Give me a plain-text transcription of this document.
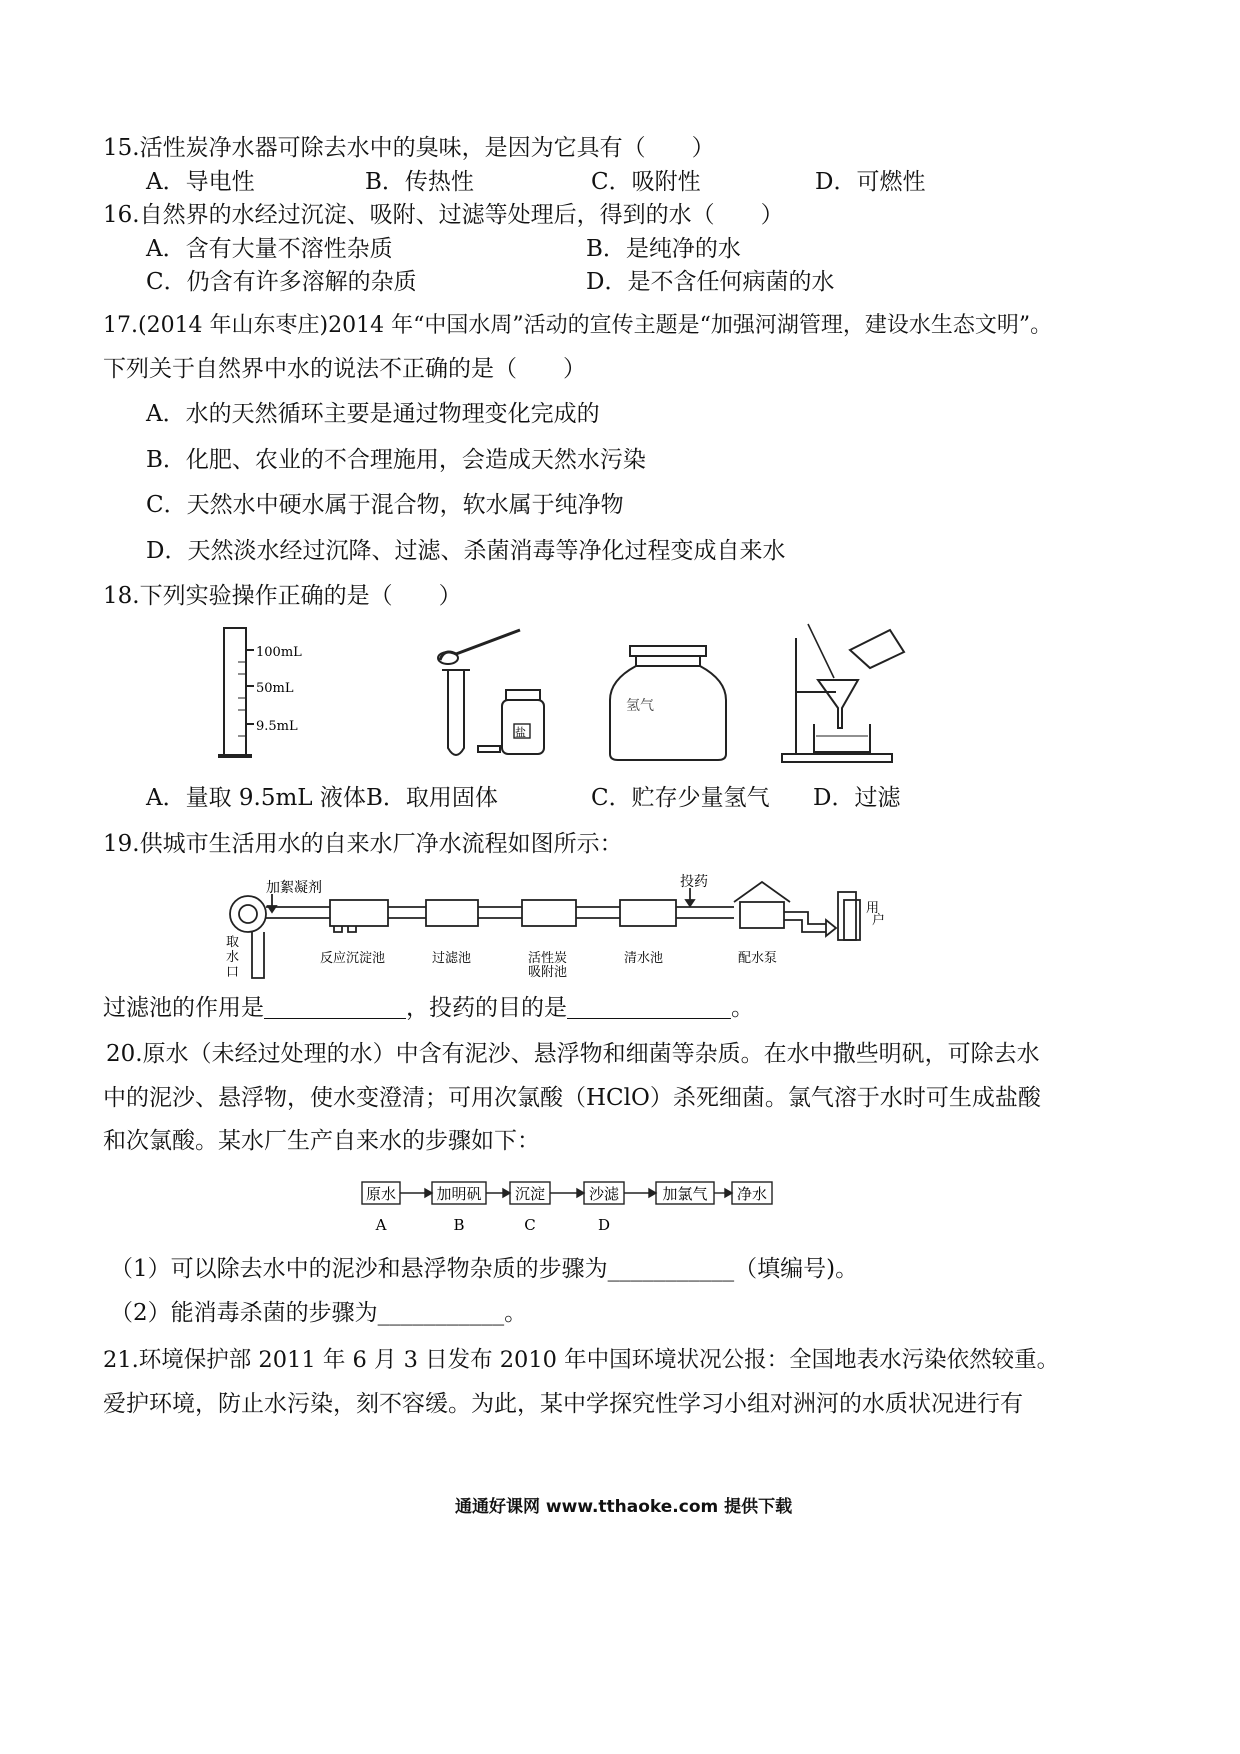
15.活性炭净水器可除去水中的臭味，是因为它具有（　　）
A．导电性	B．传热性	C．吸附性	D．可燃性
16.自然界的水经过沉淀、吸附、过滤等处理后，得到的水（　　）
A．含有大量不溶性杂质	B．是纯净的水
C．仍含有许多溶解的杂质	D．是不含任何病菌的水
17.(2014 年山东枣庄)2014 年“中国水周”活动的宣传主题是“加强河湖管理，建设水生态文明”。
下列关于自然界中水的说法不正确的是（　　）
A．水的天然循环主要是通过物理变化完成的
B．化肥、农业的不合理施用，会造成天然水污染
C．天然水中硬水属于混合物，软水属于纯净物
D．天然淡水经过沉降、过滤、杀菌消毒等净化过程变成自来水
18.下列实验操作正确的是（　　）
100mL
50mL
9.5mL	盐
氢气
A．量取 9.5mL 液体 B．取用固体	C．贮存少量氢气 D．过滤
19.供城市生活用水的自来水厂净水流程如图所示：
加絮凝剂	投药
取水口
反应沉淀池	过滤池	活性炭吸附池
清水池	配水泵
用户
过滤池的作用是	，投药的目的是	。
20.原水（未经过处理的水）中含有泥沙、悬浮物和细菌等杂质。在水中撒些明矾，可除去水
中的泥沙、悬浮物，使水变澄清；可用次氯酸（HClO）杀死细菌。氯气溶于水时可生成盐酸
和次氯酸。某水厂生产自来水的步骤如下：
原水	加明矾 沉淀	沙滤	加氯气 净水
A	B	C	D
（1）可以除去水中的泥沙和悬浮物杂质的步骤为___________（填编号)。
（2）能消毒杀菌的步骤为___________。
21.环境保护部 2011 年 6 月 3 日发布 2010 年中国环境状况公报：全国地表水污染依然较重。
爱护环境，防止水污染，刻不容缓。为此，某中学探究性学习小组对洲河的水质状况进行有
通通好课网 www.tthaoke.com 提供下载
